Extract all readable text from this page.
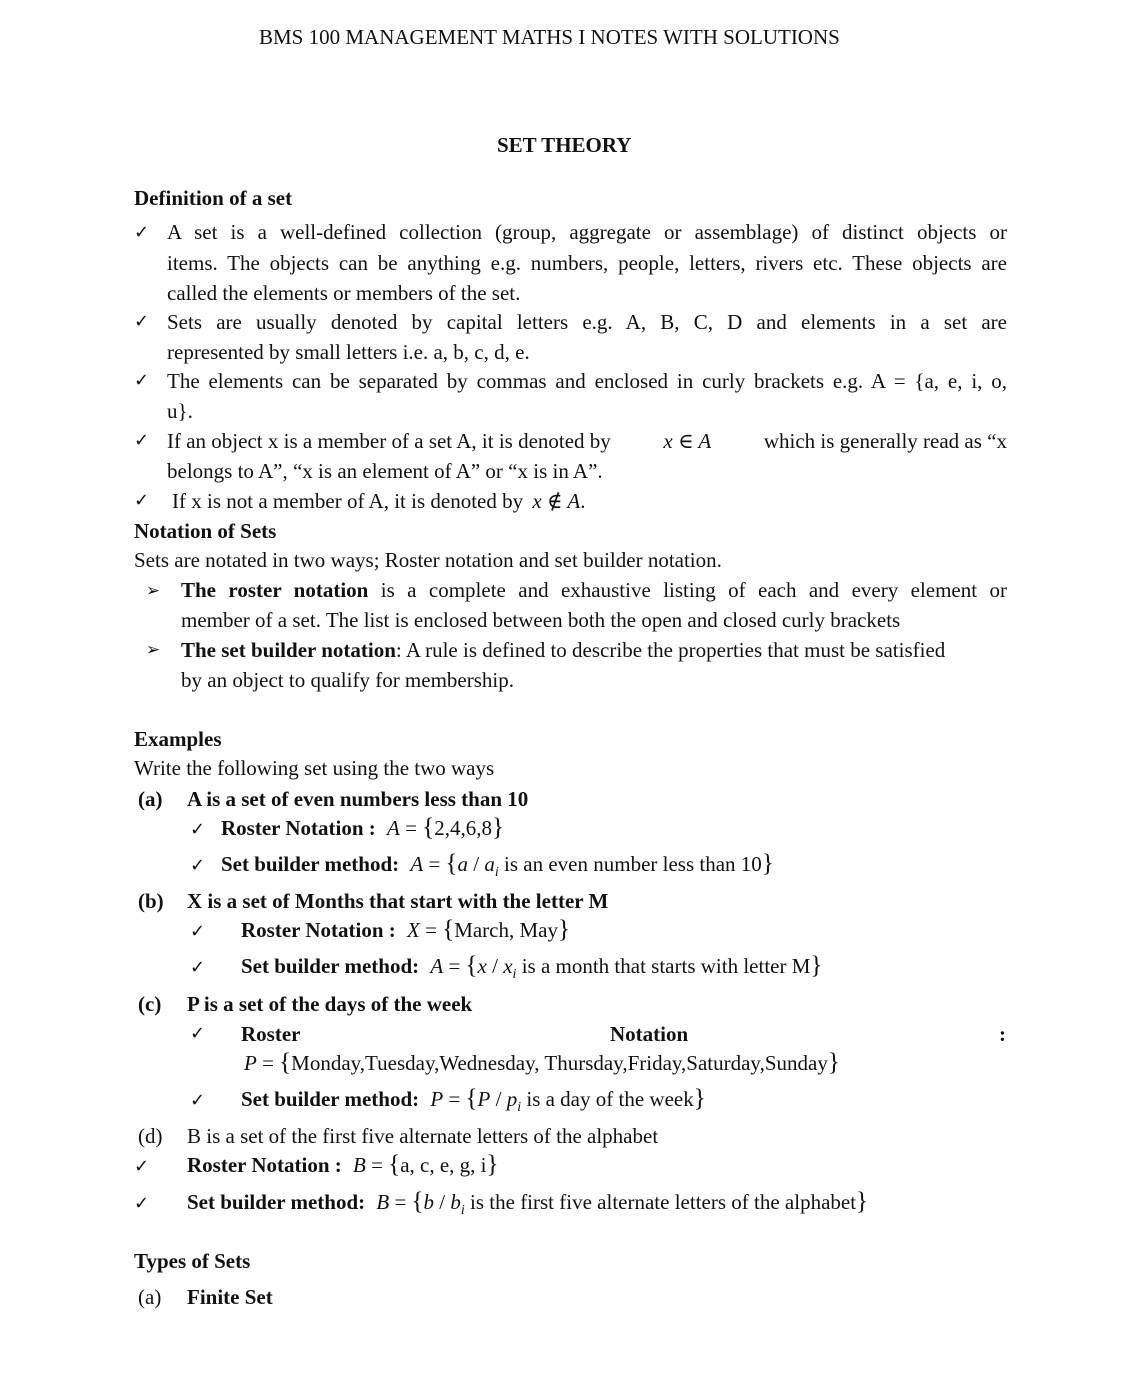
BMS 100 MANAGEMENT MATHS I NOTES WITH SOLUTIONS
SET THEORY
Definition of a set
✓ A set is a well-defined collection (group, aggregate or assemblage) of distinct objects or
items. The objects can be anything e.g. numbers, people, letters, rivers etc. These objects are
called the elements or members of the set.
✓ Sets are usually denoted by capital letters e.g. A, B, C, D and elements in a set are
represented by small letters i.e. a, b, c, d, e.
✓ The elements can be separated by commas and enclosed in curly brackets e.g. A = {a, e, i, o,
u}.
✓ If an object x is a member of a set A, it is denoted by	x ∈ A	which is generally read as “x
belongs to A”, “x is an element of A” or “x is in A”.
✓ If x is not a member of A, it is denoted by x ∉ A.
Notation of Sets
Sets are notated in two ways; Roster notation and set builder notation.
➢ The roster notation is a complete and exhaustive listing of each and every element or
member of a set. The list is enclosed between both the open and closed curly brackets
➢ The set builder notation: A rule is defined to describe the properties that must be satisfied
by an object to qualify for membership.
Examples
Write the following set using the two ways
(a) A is a set of even numbers less than 10
✓ Roster Notation : A = {2,4,6,8}
✓ Set builder method: $A = \{a / a_i$ is an even number less than 10}
(b) X is a set of Months that start with the letter M
✓ Roster Notation : X = {March, May}
✓ Set builder method: $A = \{x / x_i$ is a month that starts with letter M}
(c) P is a set of the days of the week
✓ Roster	Notation	:
P = {Monday,Tuesday,Wednesday, Thursday,Friday,Saturday,Sunday}
✓ Set builder method: $P = \{P / p_i$ is a day of the week}
(d) B is a set of the first five alternate letters of the alphabet
✓ Roster Notation : B = {a, c, e, g, i}
✓ Set builder method: $B = \{b / b_i$ is the first five alternate letters of the alphabet}
Types of Sets
(a) Finite Set
